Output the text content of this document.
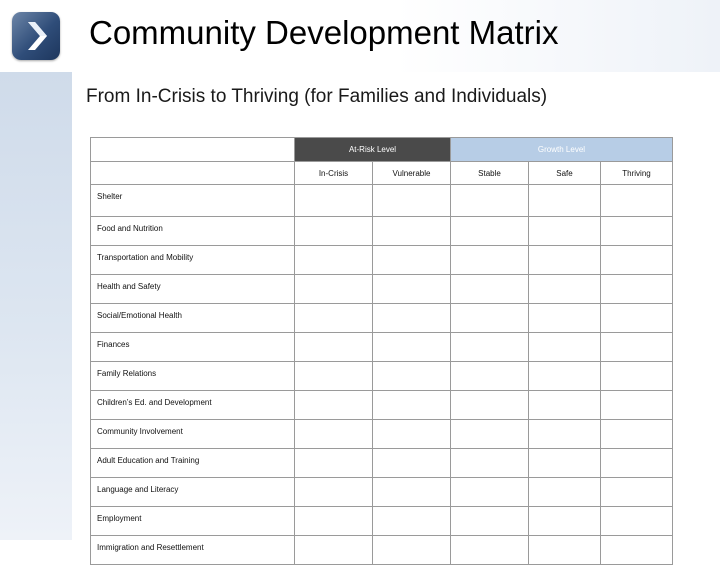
Community Development Matrix
From In-Crisis to Thriving (for Families and Individuals)
	At-Risk Level		Growth Level		
	In-Crisis	Vulnerable	Stable	Safe	Thriving
Shelter					
Food and Nutrition					
Transportation and Mobility					
Health and Safety					
Social/Emotional Health					
Finances					
Family Relations					
Children’s Ed. and Development					
Community Involvement					
Adult Education and Training					
Language and Literacy					
Employment					
Immigration and Resettlement					
